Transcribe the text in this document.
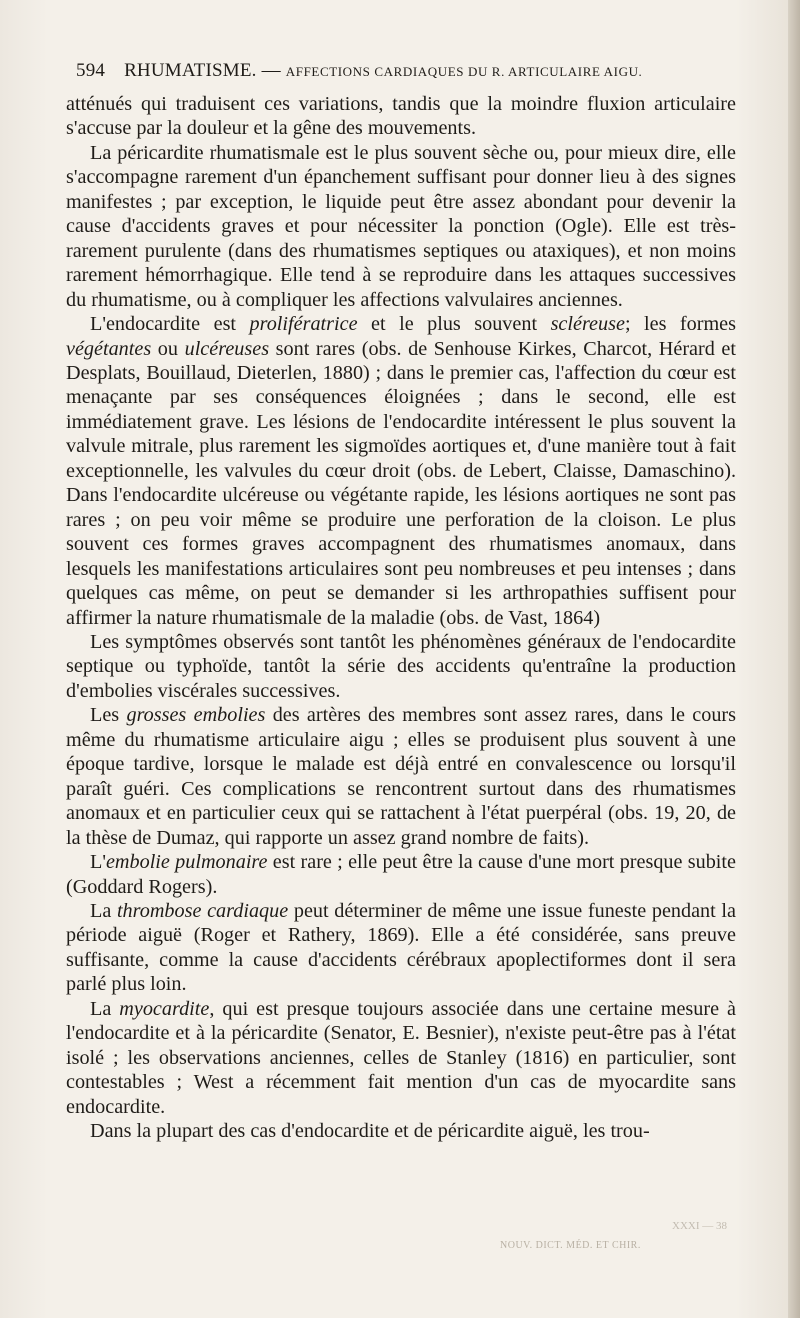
594 RHUMATISME. — AFFECTIONS CARDIAQUES DU R. ARTICULAIRE AIGU.

atténués qui traduisent ces variations, tandis que la moindre fluxion articulaire s'accuse par la douleur et la gêne des mouvements.

La péricardite rhumatismale est le plus souvent sèche ou, pour mieux dire, elle s'accompagne rarement d'un épanchement suffisant pour donner lieu à des signes manifestes ; par exception, le liquide peut être assez abondant pour devenir la cause d'accidents graves et pour nécessiter la ponction (Ogle). Elle est très-rarement purulente (dans des rhumatismes septiques ou ataxiques), et non moins rarement hémorrhagique. Elle tend à se reproduire dans les attaques successives du rhumatisme, ou à compliquer les affections valvulaires anciennes.

L'endocardite est prolifératrice et le plus souvent scléreuse; les formes végétantes ou ulcéreuses sont rares (obs. de Senhouse Kirkes, Charcot, Hérard et Desplats, Bouillaud, Dieterlen, 1880) ; dans le premier cas, l'affection du cœur est menaçante par ses conséquences éloignées ; dans le second, elle est immédiatement grave. Les lésions de l'endocardite intéressent le plus souvent la valvule mitrale, plus rarement les sigmoïdes aortiques et, d'une manière tout à fait exceptionnelle, les valvules du cœur droit (obs. de Lebert, Claisse, Damaschino). Dans l'endocardite ulcéreuse ou végétante rapide, les lésions aortiques ne sont pas rares ; on peu voir même se produire une perforation de la cloison. Le plus souvent ces formes graves accompagnent des rhumatismes anomaux, dans lesquels les manifestations articulaires sont peu nombreuses et peu intenses ; dans quelques cas même, on peut se demander si les arthropathies suffisent pour affirmer la nature rhumatismale de la maladie (obs. de Vast, 1864)

Les symptômes observés sont tantôt les phénomènes généraux de l'endocardite septique ou typhoïde, tantôt la série des accidents qu'entraîne la production d'embolies viscérales successives.

Les grosses embolies des artères des membres sont assez rares, dans le cours même du rhumatisme articulaire aigu ; elles se produisent plus souvent à une époque tardive, lorsque le malade est déjà entré en convalescence ou lorsqu'il paraît guéri. Ces complications se rencontrent surtout dans des rhumatismes anomaux et en particulier ceux qui se rattachent à l'état puerpéral (obs. 19, 20, de la thèse de Dumaz, qui rapporte un assez grand nombre de faits).

L'embolie pulmonaire est rare ; elle peut être la cause d'une mort presque subite (Goddard Rogers).

La thrombose cardiaque peut déterminer de même une issue funeste pendant la période aiguë (Roger et Rathery, 1869). Elle a été considérée, sans preuve suffisante, comme la cause d'accidents cérébraux apoplectiformes dont il sera parlé plus loin.

La myocardite, qui est presque toujours associée dans une certaine mesure à l'endocardite et à la péricardite (Senator, E. Besnier), n'existe peut-être pas à l'état isolé ; les observations anciennes, celles de Stanley (1816) en particulier, sont contestables ; West a récemment fait mention d'un cas de myocardite sans endocardite.

Dans la plupart des cas d'endocardite et de péricardite aiguë, les trou-

XXXI — 38
NOUV. DICT. MÉD. ET CHIR.
